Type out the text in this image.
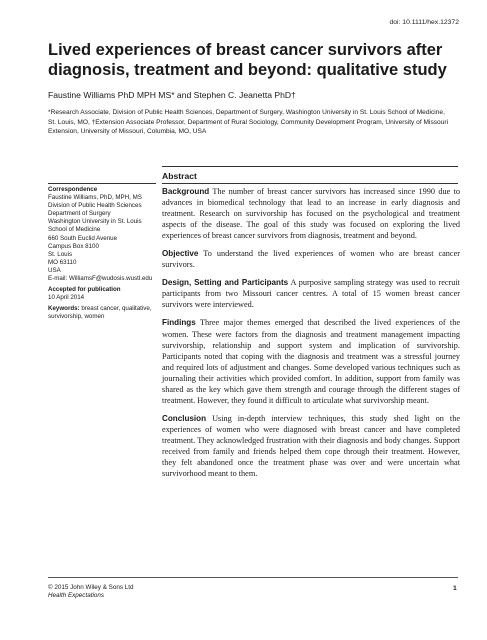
doi: 10.1111/hex.12372
Lived experiences of breast cancer survivors after diagnosis, treatment and beyond: qualitative study
Faustine Williams PhD MPH MS* and Stephen C. Jeanetta PhD†
*Research Associate, Division of Public Health Sciences, Department of Surgery, Washington University in St. Louis School of Medicine, St. Louis, MO, †Extension Associate Professor, Department of Rural Sociology, Community Development Program, University of Missouri Extension, University of Missouri, Columbia, MO, USA
Abstract
Correspondence
Faustine Williams, PhD, MPH, MS
Division of Public Health Sciences
Department of Surgery
Washington University in St. Louis
School of Medicine
660 South Euclid Avenue
Campus Box 8100
St. Louis
MO 63110
USA
E-mail: WilliamsF@wudosis.wustl.edu
Accepted for publication
10 April 2014
Keywords: breast cancer, qualitative, survivorship, women

Background The number of breast cancer survivors has increased since 1990 due to advances in biomedical technology that lead to an increase in early diagnosis and treatment. Research on survivorship has focused on the psychological and treatment aspects of the disease. The goal of this study was focused on exploring the lived experiences of breast cancer survivors from diagnosis, treatment and beyond.

Objective To understand the lived experiences of women who are breast cancer survivors.

Design, Setting and Participants A purposive sampling strategy was used to recruit participants from two Missouri cancer centres. A total of 15 women breast cancer survivors were interviewed.

Findings Three major themes emerged that described the lived experiences of the women. These were factors from the diagnosis and treatment management impacting survivorship, relationship and support system and implication of survivorship. Participants noted that coping with the diagnosis and treatment was a stressful journey and required lots of adjustment and changes. Some developed various techniques such as journaling their activities which provided comfort. In addition, support from family was shared as the key which gave them strength and courage through the different stages of treatment. However, they found it difficult to articulate what survivorship meant.

Conclusion Using in-depth interview techniques, this study shed light on the experiences of women who were diagnosed with breast cancer and have completed treatment. They acknowledged frustration with their diagnosis and body changes. Support received from family and friends helped them cope through their treatment. However, they felt abandoned once the treatment phase was over and were uncertain what survivorhood meant to them.

© 2015 John Wiley & Sons Ltd
Health Expectations
1
